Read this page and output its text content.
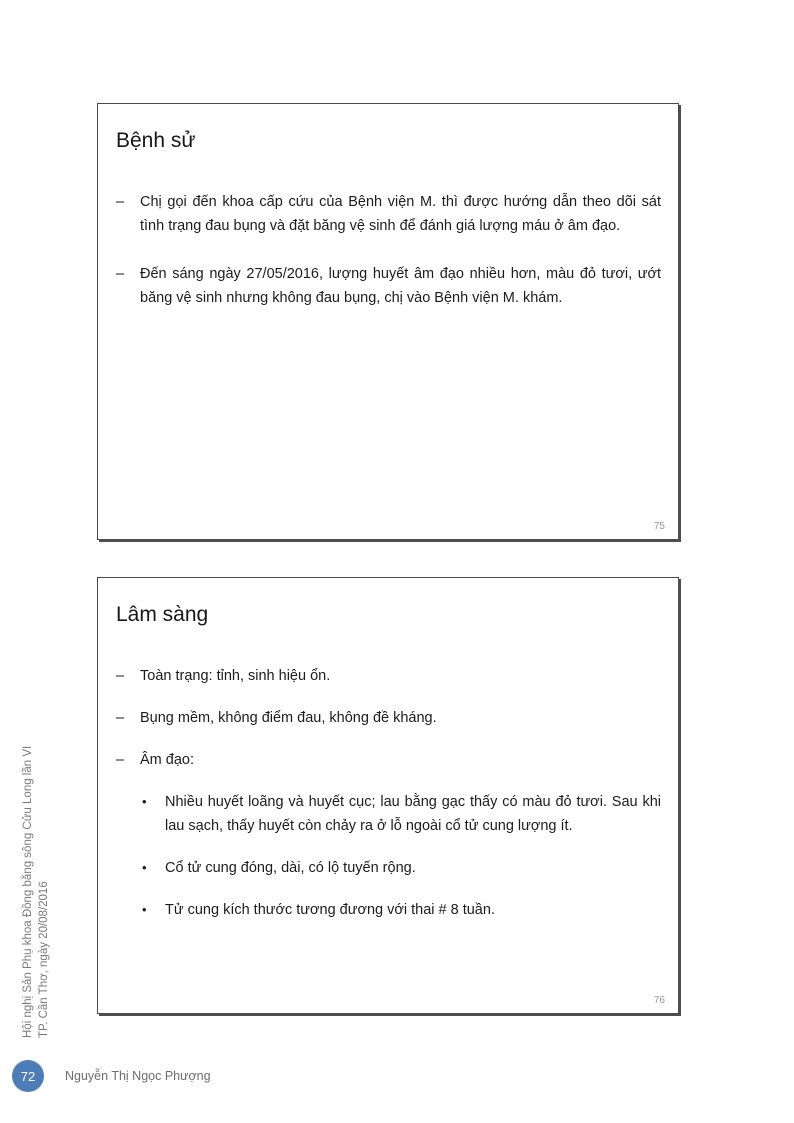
Bệnh sử
–	Chị gọi đến khoa cấp cứu của Bệnh viện M. thì được hướng dẫn theo dõi sát tình trạng đau bụng và đặt băng vệ sinh để đánh giá lượng máu ở âm đạo.
–	Đến sáng ngày 27/05/2016, lượng huyết âm đạo nhiều hơn, màu đỏ tươi, ướt băng vệ sinh nhưng không đau bụng, chị vào Bệnh viện M. khám.
75
Lâm sàng
–	Toàn trạng: tỉnh, sinh hiệu ổn.
–	Bụng mềm, không điểm đau, không đề kháng.
–	Âm đạo:
•	Nhiều huyết loãng và huyết cục; lau bằng gạc thấy có màu đỏ tươi. Sau khi lau sạch, thấy huyết còn chảy ra ở lỗ ngoài cổ tử cung lượng ít.
•	Cổ tử cung đóng, dài, có lộ tuyến rộng.
•	Tử cung kích thước tương đương với thai # 8 tuần.
76
Hội nghị Sản Phụ khoa Đồng bằng sông Cửu Long lần VI TP. Cần Thơ, ngày 20/08/2016
72 Nguyễn Thị Ngọc Phượng
